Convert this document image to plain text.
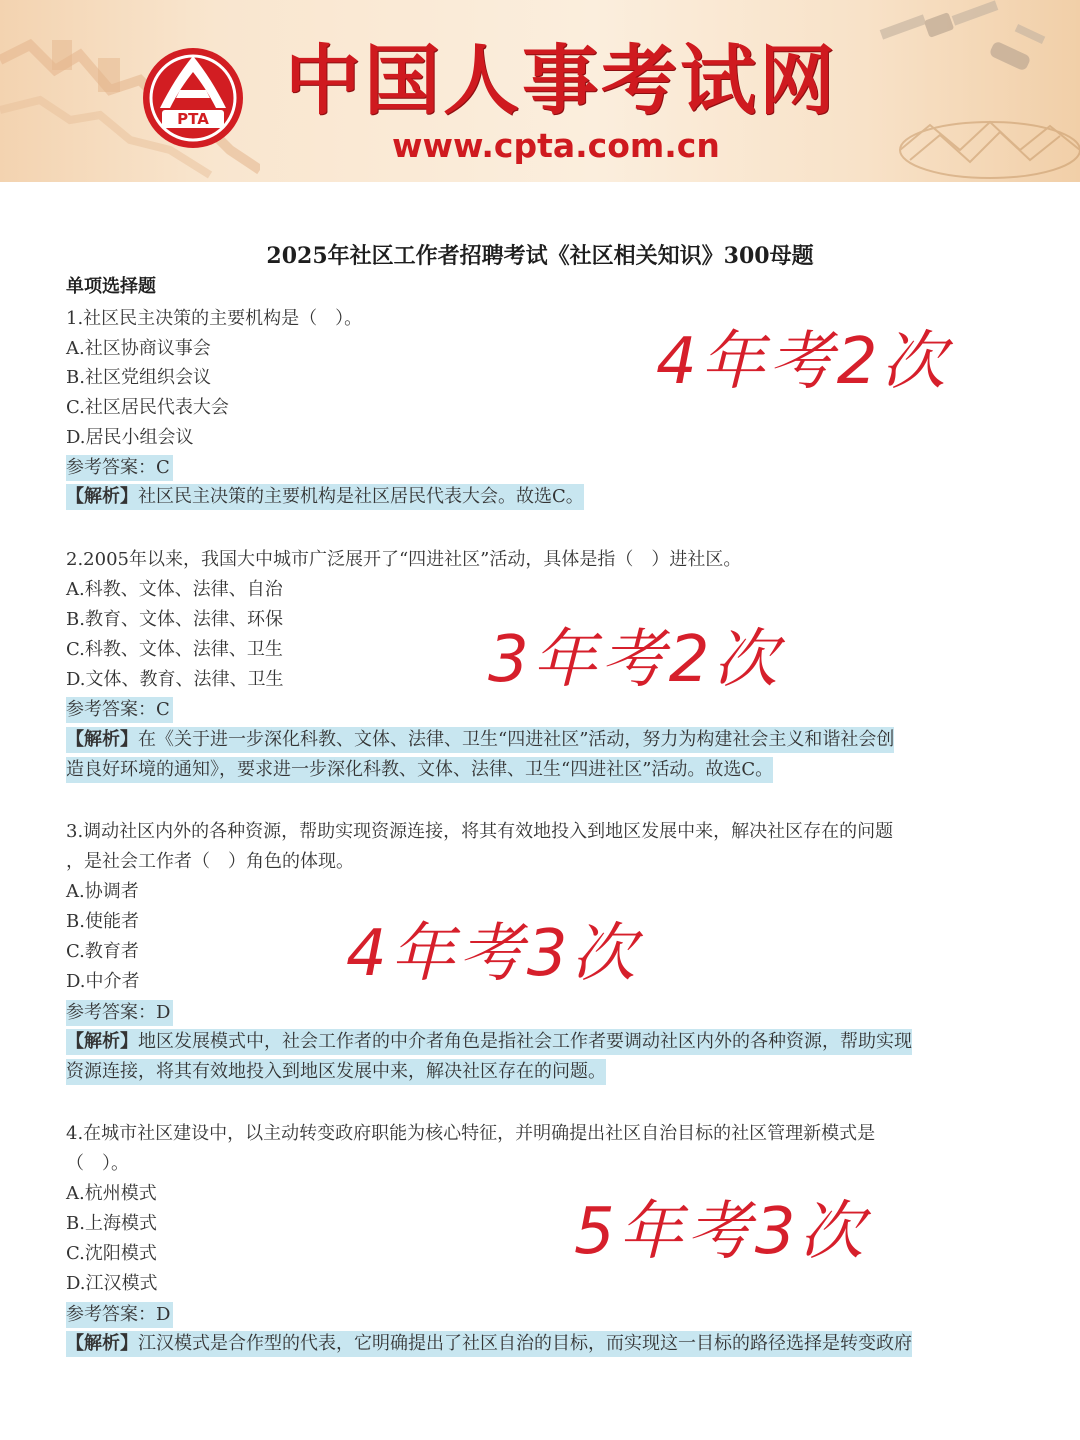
PTA 中国人事考试网
www.cpta.com.cn
2025年社区工作者招聘考试《社区相关知识》300母题
单项选择题
1.社区民主决策的主要机构是（　）。
A.社区协商议事会
B.社区党组织会议
C.社区居民代表大会
D.居民小组会议
参考答案：C
【解析】社区民主决策的主要机构是社区居民代表大会。故选C。
4年考2次
2.2005年以来，我国大中城市广泛展开了“四进社区”活动，具体是指（　）进社区。
A.科教、文体、法律、自治
B.教育、文体、法律、环保
C.科教、文体、法律、卫生
D.文体、教育、法律、卫生
参考答案：C
【解析】在《关于进一步深化科教、文体、法律、卫生“四进社区”活动，努力为构建社会主义和谐社会创
造良好环境的通知》，要求进一步深化科教、文体、法律、卫生“四进社区”活动。故选C。
3年考2次
3.调动社区内外的各种资源，帮助实现资源连接，将其有效地投入到地区发展中来，解决社区存在的问题
，是社会工作者（　）角色的体现。
A.协调者
B.使能者
C.教育者
D.中介者
参考答案：D
【解析】地区发展模式中，社会工作者的中介者角色是指社会工作者要调动社区内外的各种资源，帮助实现
资源连接，将其有效地投入到地区发展中来，解决社区存在的问题。
4年考3次
4.在城市社区建设中，以主动转变政府职能为核心特征，并明确提出社区自治目标的社区管理新模式是
（　）。
A.杭州模式
B.上海模式
C.沈阳模式
D.江汉模式
参考答案：D
【解析】江汉模式是合作型的代表，它明确提出了社区自治的目标，而实现这一目标的路径选择是转变政府
5年考3次
